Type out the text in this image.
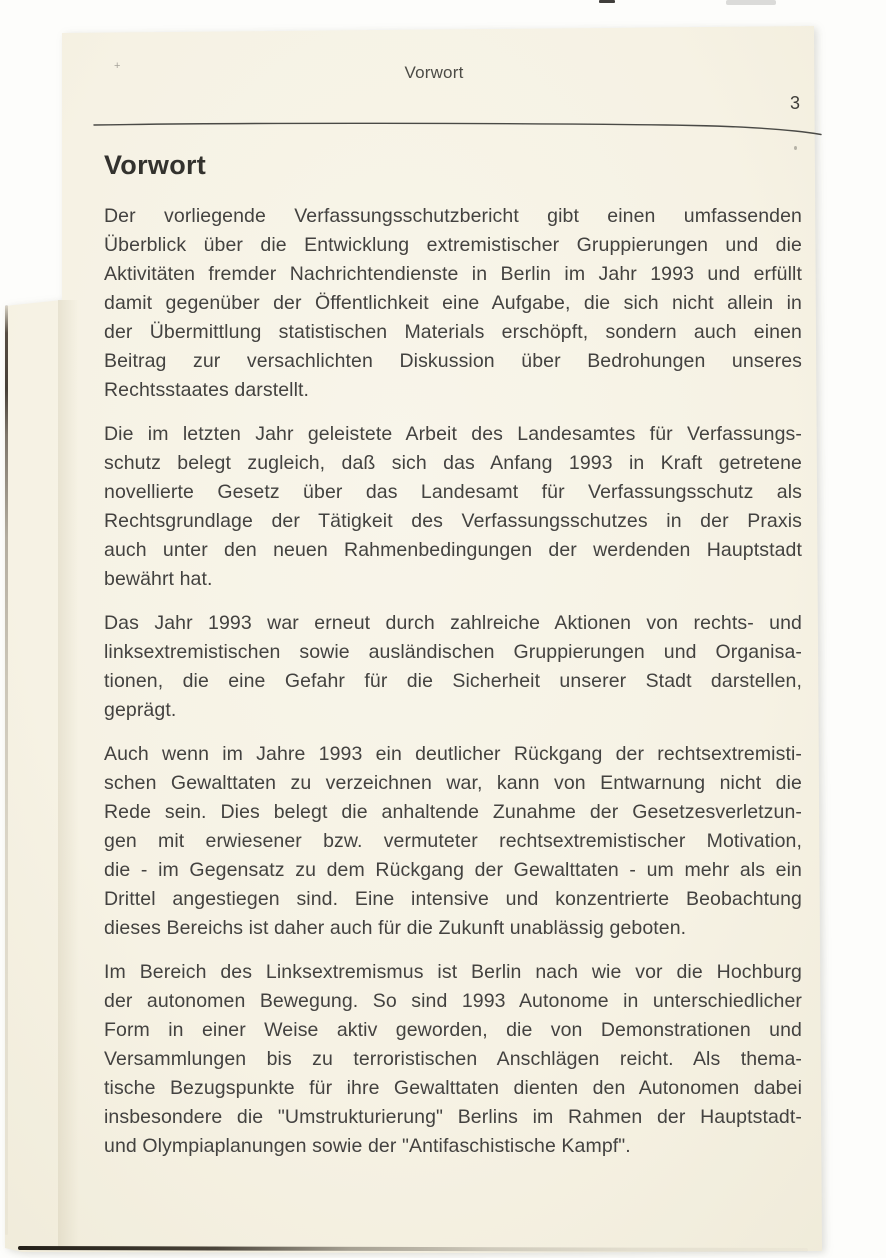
+	Vorwort
3
Vorwort
Der vorliegende Verfassungsschutzbericht gibt einen umfassenden
Überblick über die Entwicklung extremistischer Gruppierungen und die
Aktivitäten fremder Nachrichtendienste in Berlin im Jahr 1993 und erfüllt
damit gegenüber der Öffentlichkeit eine Aufgabe, die sich nicht allein in
der Übermittlung statistischen Materials erschöpft, sondern auch einen
Beitrag zur versachlichten Diskussion über Bedrohungen unseres
Rechtsstaates darstellt.
Die im letzten Jahr geleistete Arbeit des Landesamtes für Verfassungs-
schutz belegt zugleich, daß sich das Anfang 1993 in Kraft getretene
novellierte Gesetz über das Landesamt für Verfassungsschutz als
Rechtsgrundlage der Tätigkeit des Verfassungsschutzes in der Praxis
auch unter den neuen Rahmenbedingungen der werdenden Hauptstadt
bewährt hat.
Das Jahr 1993 war erneut durch zahlreiche Aktionen von rechts- und
linksextremistischen sowie ausländischen Gruppierungen und Organisa-
tionen, die eine Gefahr für die Sicherheit unserer Stadt darstellen,
geprägt.
Auch wenn im Jahre 1993 ein deutlicher Rückgang der rechtsextremisti-
schen Gewalttaten zu verzeichnen war, kann von Entwarnung nicht die
Rede sein. Dies belegt die anhaltende Zunahme der Gesetzesverletzun-
gen mit erwiesener bzw. vermuteter rechtsextremistischer Motivation,
die - im Gegensatz zu dem Rückgang der Gewalttaten - um mehr als ein
Drittel angestiegen sind. Eine intensive und konzentrierte Beobachtung
dieses Bereichs ist daher auch für die Zukunft unablässig geboten.
Im Bereich des Linksextremismus ist Berlin nach wie vor die Hochburg
der autonomen Bewegung. So sind 1993 Autonome in unterschiedlicher
Form in einer Weise aktiv geworden, die von Demonstrationen und
Versammlungen bis zu terroristischen Anschlägen reicht. Als thema-
tische Bezugspunkte für ihre Gewalttaten dienten den Autonomen dabei
insbesondere die "Umstrukturierung" Berlins im Rahmen der Hauptstadt-
und Olympiaplanungen sowie der "Antifaschistische Kampf".
